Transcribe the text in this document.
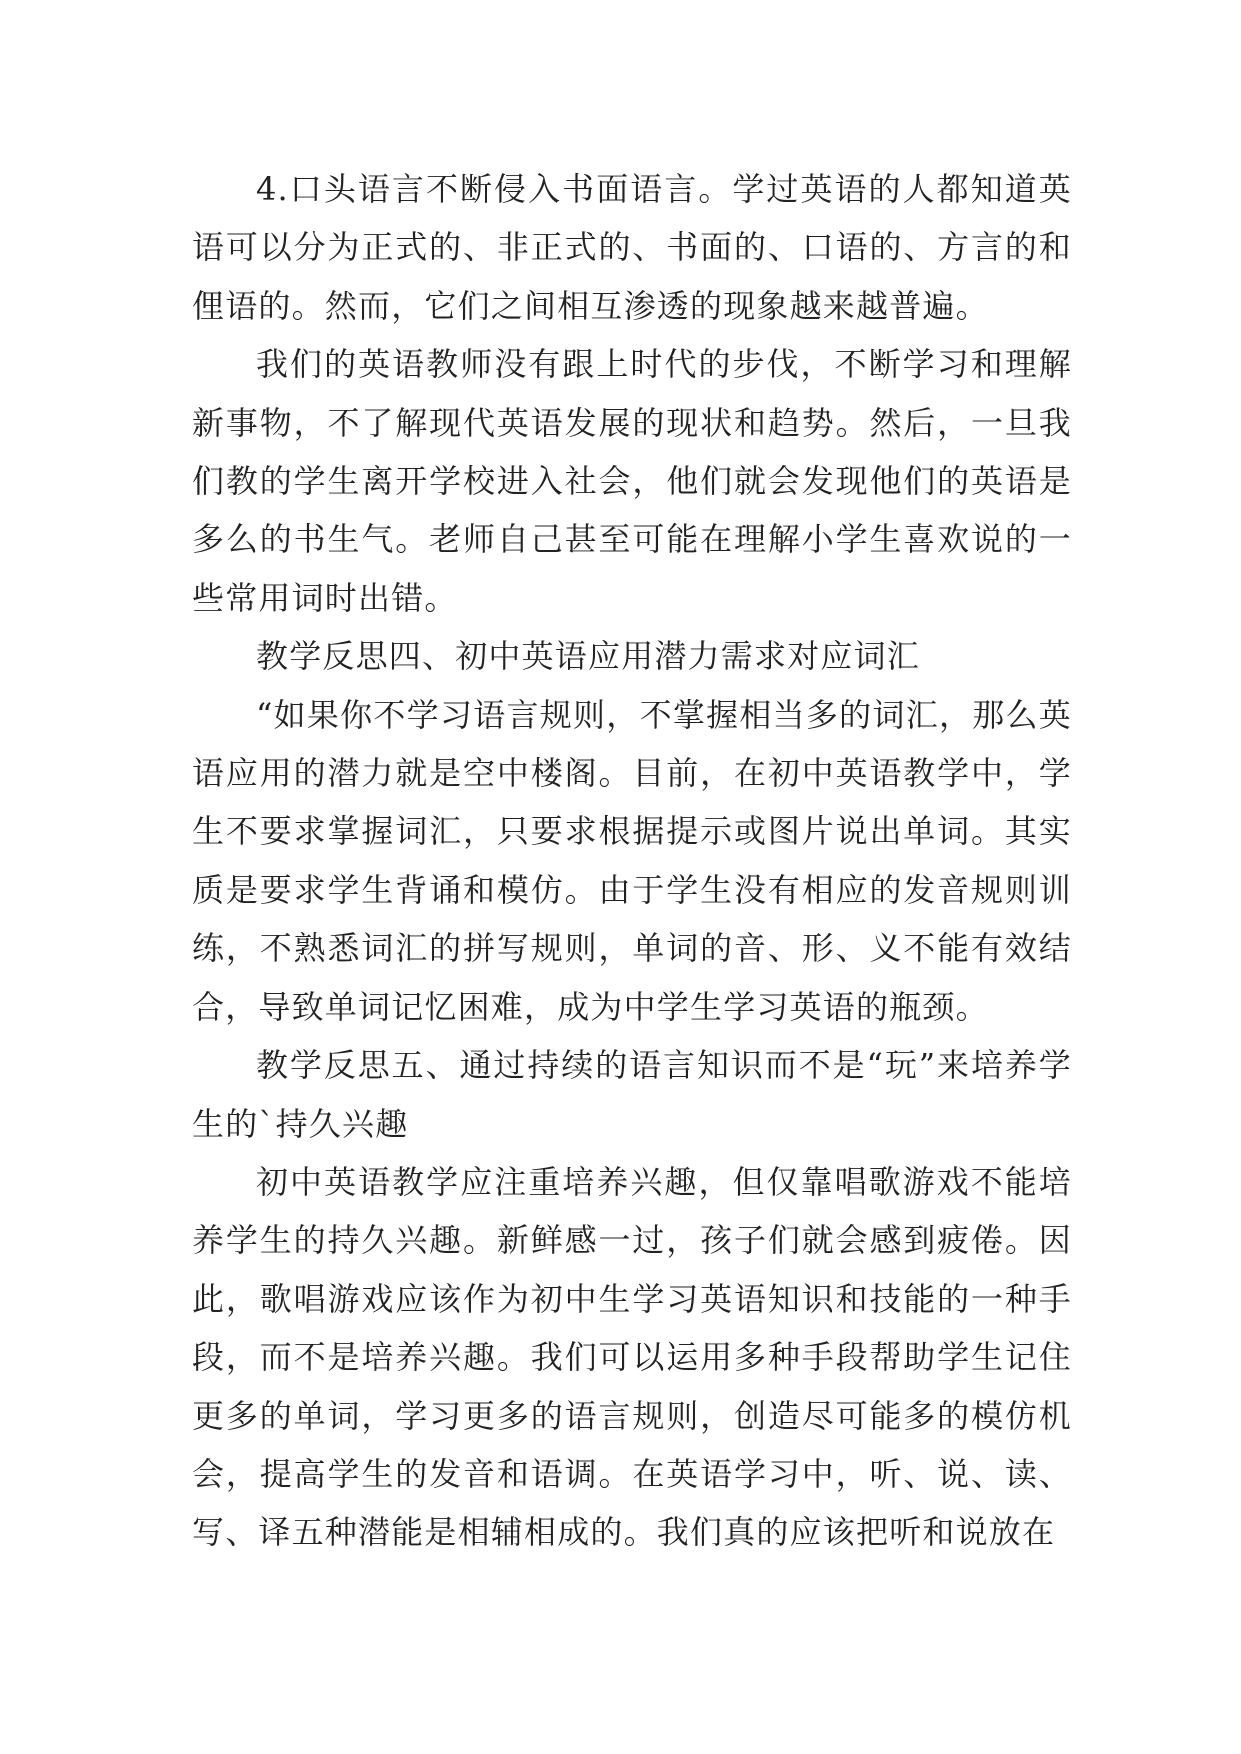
4.口头语言不断侵入书面语言。学过英语的人都知道英语可以分为正式的、非正式的、书面的、口语的、方言的和俚语的。然而，它们之间相互渗透的现象越来越普遍。

我们的英语教师没有跟上时代的步伐，不断学习和理解新事物，不了解现代英语发展的现状和趋势。然后，一旦我们教的学生离开学校进入社会，他们就会发现他们的英语是多么的书生气。老师自己甚至可能在理解小学生喜欢说的一些常用词时出错。

教学反思四、初中英语应用潜力需求对应词汇

“如果你不学习语言规则，不掌握相当多的词汇，那么英语应用的潜力就是空中楼阁。目前，在初中英语教学中，学生不要求掌握词汇，只要求根据提示或图片说出单词。其实质是要求学生背诵和模仿。由于学生没有相应的发音规则训练，不熟悉词汇的拼写规则，单词的音、形、义不能有效结合，导致单词记忆困难，成为中学生学习英语的瓶颈。

教学反思五、通过持续的语言知识而不是“玩”来培养学生的`持久兴趣

初中英语教学应注重培养兴趣，但仅靠唱歌游戏不能培养学生的持久兴趣。新鲜感一过，孩子们就会感到疲倦。因此，歌唱游戏应该作为初中生学习英语知识和技能的一种手段，而不是培养兴趣。我们可以运用多种手段帮助学生记住更多的单词，学习更多的语言规则，创造尽可能多的模仿机会，提高学生的发音和语调。在英语学习中，听、说、读、写、译五种潜能是相辅相成的。我们真的应该把听和说放在
